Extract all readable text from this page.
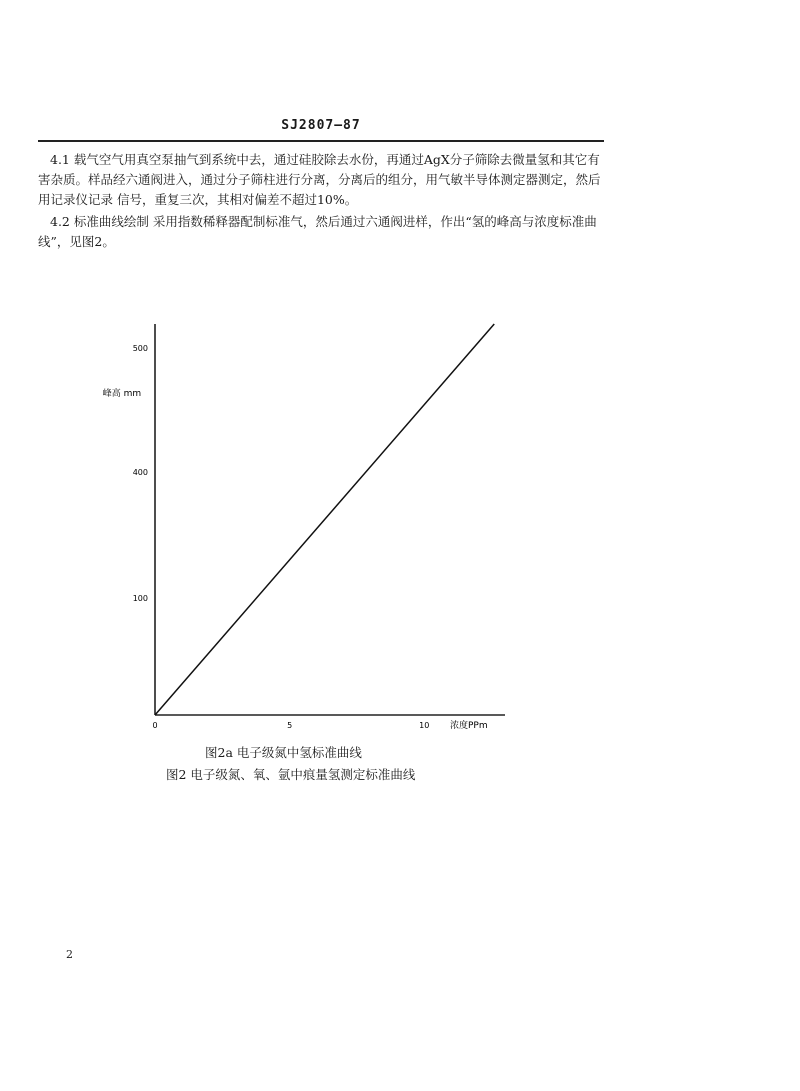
SJ2807—87
4.1 载气空气用真空泵抽气到系统中去，通过硅胶除去水份，再通过AgX分子筛除去微量氢和其它有害杂质。样品经六通阀进入，通过分子筛柱进行分离，分离后的组分，用气敏半导体测定器测定，然后用记录仪记录 信号，重复三次，其相对偏差不超过10%。
4.2 标准曲线绘制 采用指数稀释器配制标准气，然后通过六通阀进样，作出“氢的峰高与浓度标准曲线”，见图2。
峰高 mm
浓度PPm
100
400
500
0	5	10
图2a 电子级氮中氢标准曲线
图2 电子级氮、氧、氩中痕量氢测定标准曲线
2
